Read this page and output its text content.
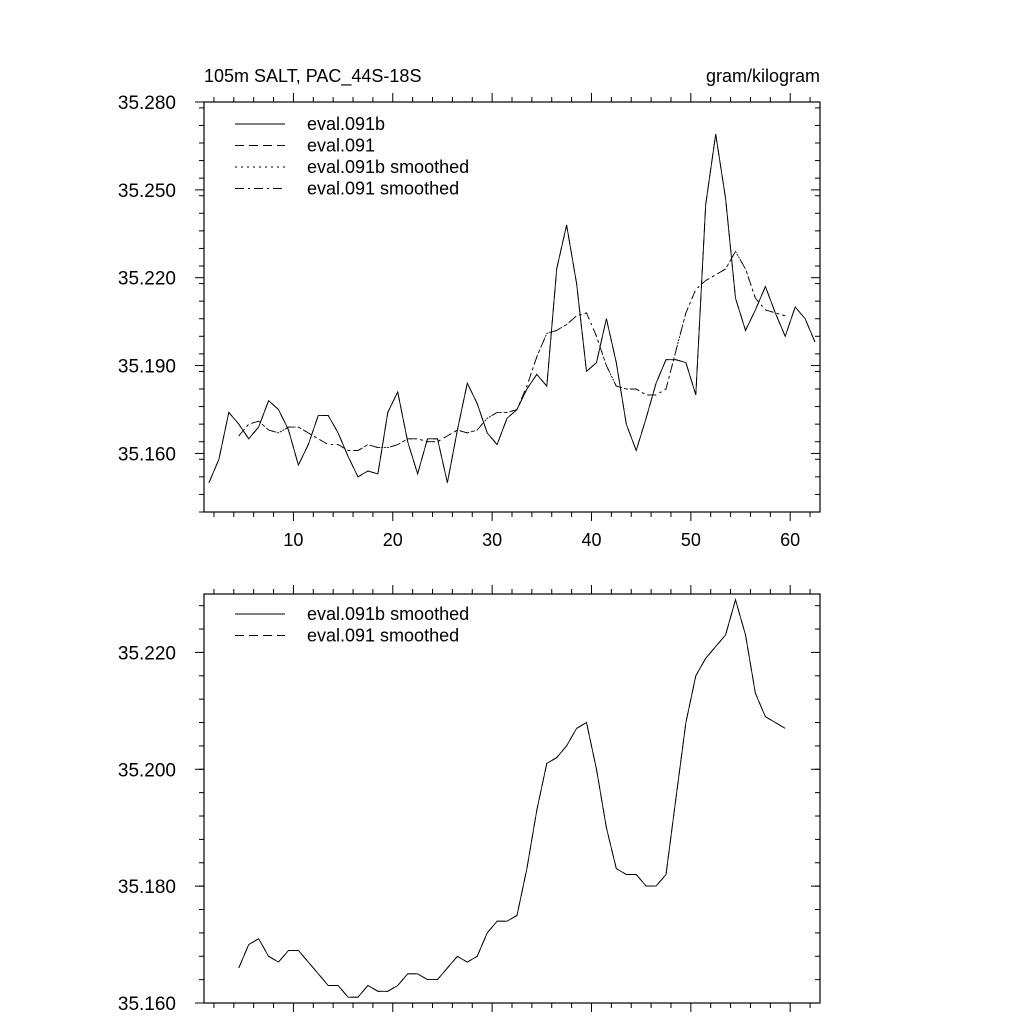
105m SALT, PAC_44S-18S	gram/kilogram
10	20	30	40	50	60
35.160
35.190
35.220
35.250
35.280
eval.091b
eval.091
eval.091b smoothed
eval.091 smoothed
35.160
35.180
35.200
35.220
eval.091b smoothed
eval.091 smoothed
